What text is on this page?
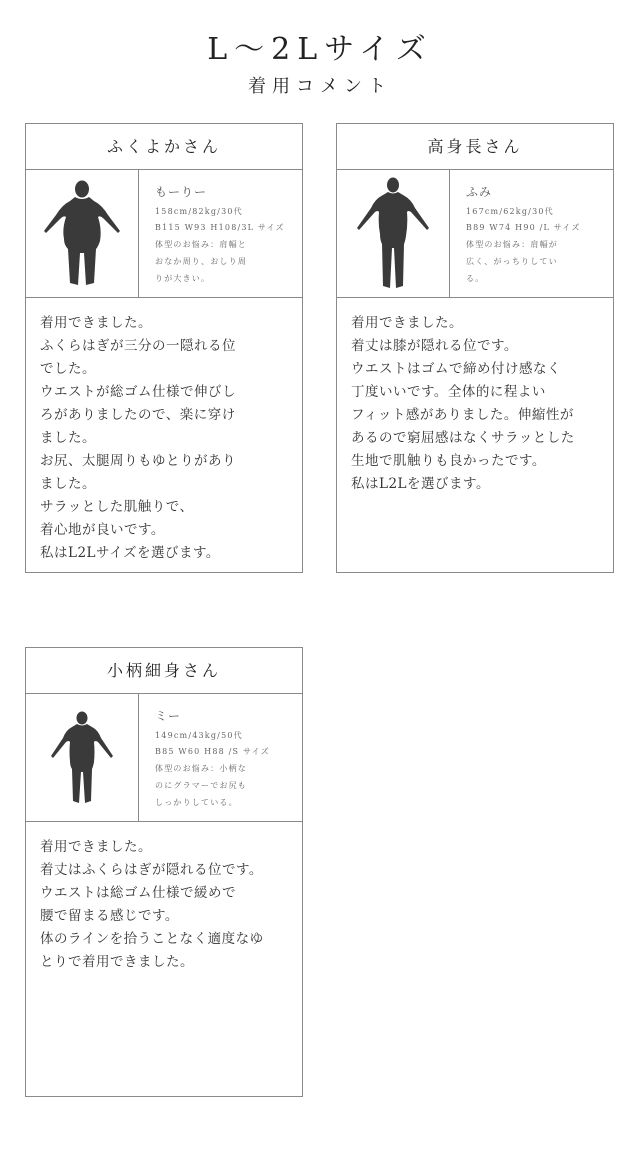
L～2Lサイズ
着用コメント
ふくよかさん
もーりー
158cm/82kg/30代
B115 W93 H108/3L サイズ
体型のお悩み：肩幅と
おなか周り、おしり周
りが大きい。
着用できました。
ふくらはぎが三分の一隠れる位
でした。
ウエストが総ゴム仕様で伸びし
ろがありましたので、楽に穿け
ました。
お尻、太腿周りもゆとりがあり
ました。
サラッとした肌触りで、
着心地が良いです。
私はL2Lサイズを選びます。
高身長さん
ふみ
167cm/62kg/30代
B89 W74 H90 /L サイズ
体型のお悩み：肩幅が
広く、がっちりしてい
る。
着用できました。
着丈は膝が隠れる位です。
ウエストはゴムで締め付け感なく
丁度いいです。全体的に程よい
フィット感がありました。伸縮性が
あるので窮屈感はなくサラッとした
生地で肌触りも良かったです。
私はL2Lを選びます。
小柄細身さん
ミー
149cm/43kg/50代
B85 W60 H88 /S サイズ
体型のお悩み：小柄な
のにグラマーでお尻も
しっかりしている。
着用できました。
着丈はふくらはぎが隠れる位です。
ウエストは総ゴム仕様で緩めで
腰で留まる感じです。
体のラインを拾うことなく適度なゆ
とりで着用できました。
